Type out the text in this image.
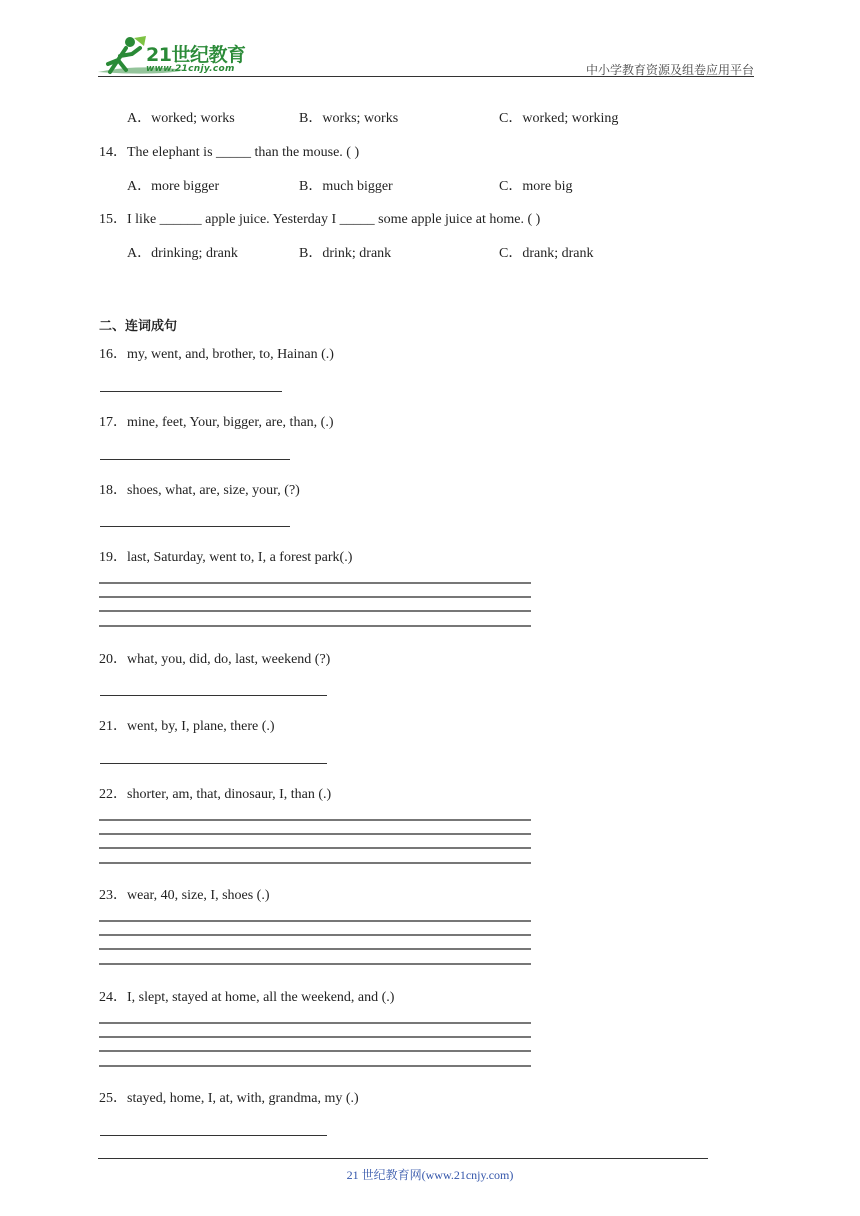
21世纪教育
www.21cnjy.com	中小学教育资源及组卷应用平台
A．worked; works	B．works; works	C．worked; working
14．The elephant is _____ than the mouse. ( )
A．more bigger	B．much bigger	C．more big
15．I like ______ apple juice. Yesterday I _____ some apple juice at home. ( )
A．drinking; drank	B．drink; drank	C．drank; drank
二、连词成句
16．my, went, and, brother, to, Hainan (.)
17．mine, feet, Your, bigger, are, than, (.)
18．shoes, what, are, size, your, (?)
19．last, Saturday, went to, I, a forest park(.)
20．what, you, did, do, last, weekend (?)
21．went, by, I, plane, there (.)
22．shorter, am, that, dinosaur, I, than (.)
23．wear, 40, size, I, shoes (.)
24．I, slept, stayed at home, all the weekend, and (.)
25．stayed, home, I, at, with, grandma, my (.)
21 世纪教育网(www.21cnjy.com)
